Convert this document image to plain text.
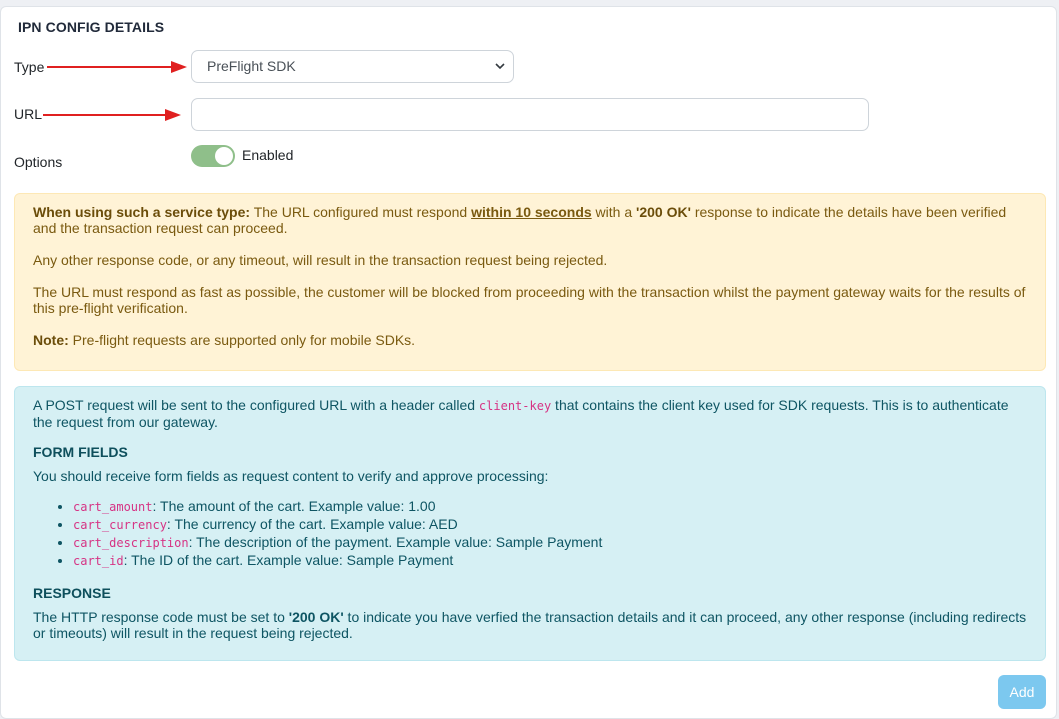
IPN CONFIG DETAILS
Type	PreFlight SDK
URL
Options	Enabled

When using such a service type: The URL configured must respond within 10 seconds with a '200 OK' response to indicate the details have been verified and the transaction request can proceed.

Any other response code, or any timeout, will result in the transaction request being rejected.

The URL must respond as fast as possible, the customer will be blocked from proceeding with the transaction whilst the payment gateway waits for the results of this pre-flight verification.

Note: Pre-flight requests are supported only for mobile SDKs.

A POST request will be sent to the configured URL with a header called client-key that contains the client key used for SDK requests. This is to authenticate the request from our gateway.

FORM FIELDS

You should receive form fields as request content to verify and approve processing:

• cart_amount: The amount of the cart. Example value: 1.00
• cart_currency: The currency of the cart. Example value: AED
• cart_description: The description of the payment. Example value: Sample Payment
• cart_id: The ID of the cart. Example value: Sample Payment
RESPONSE

The HTTP response code must be set to '200 OK' to indicate you have verfied the transaction details and it can proceed, any other response (including redirects or timeouts) will result in the request being rejected.

Add
